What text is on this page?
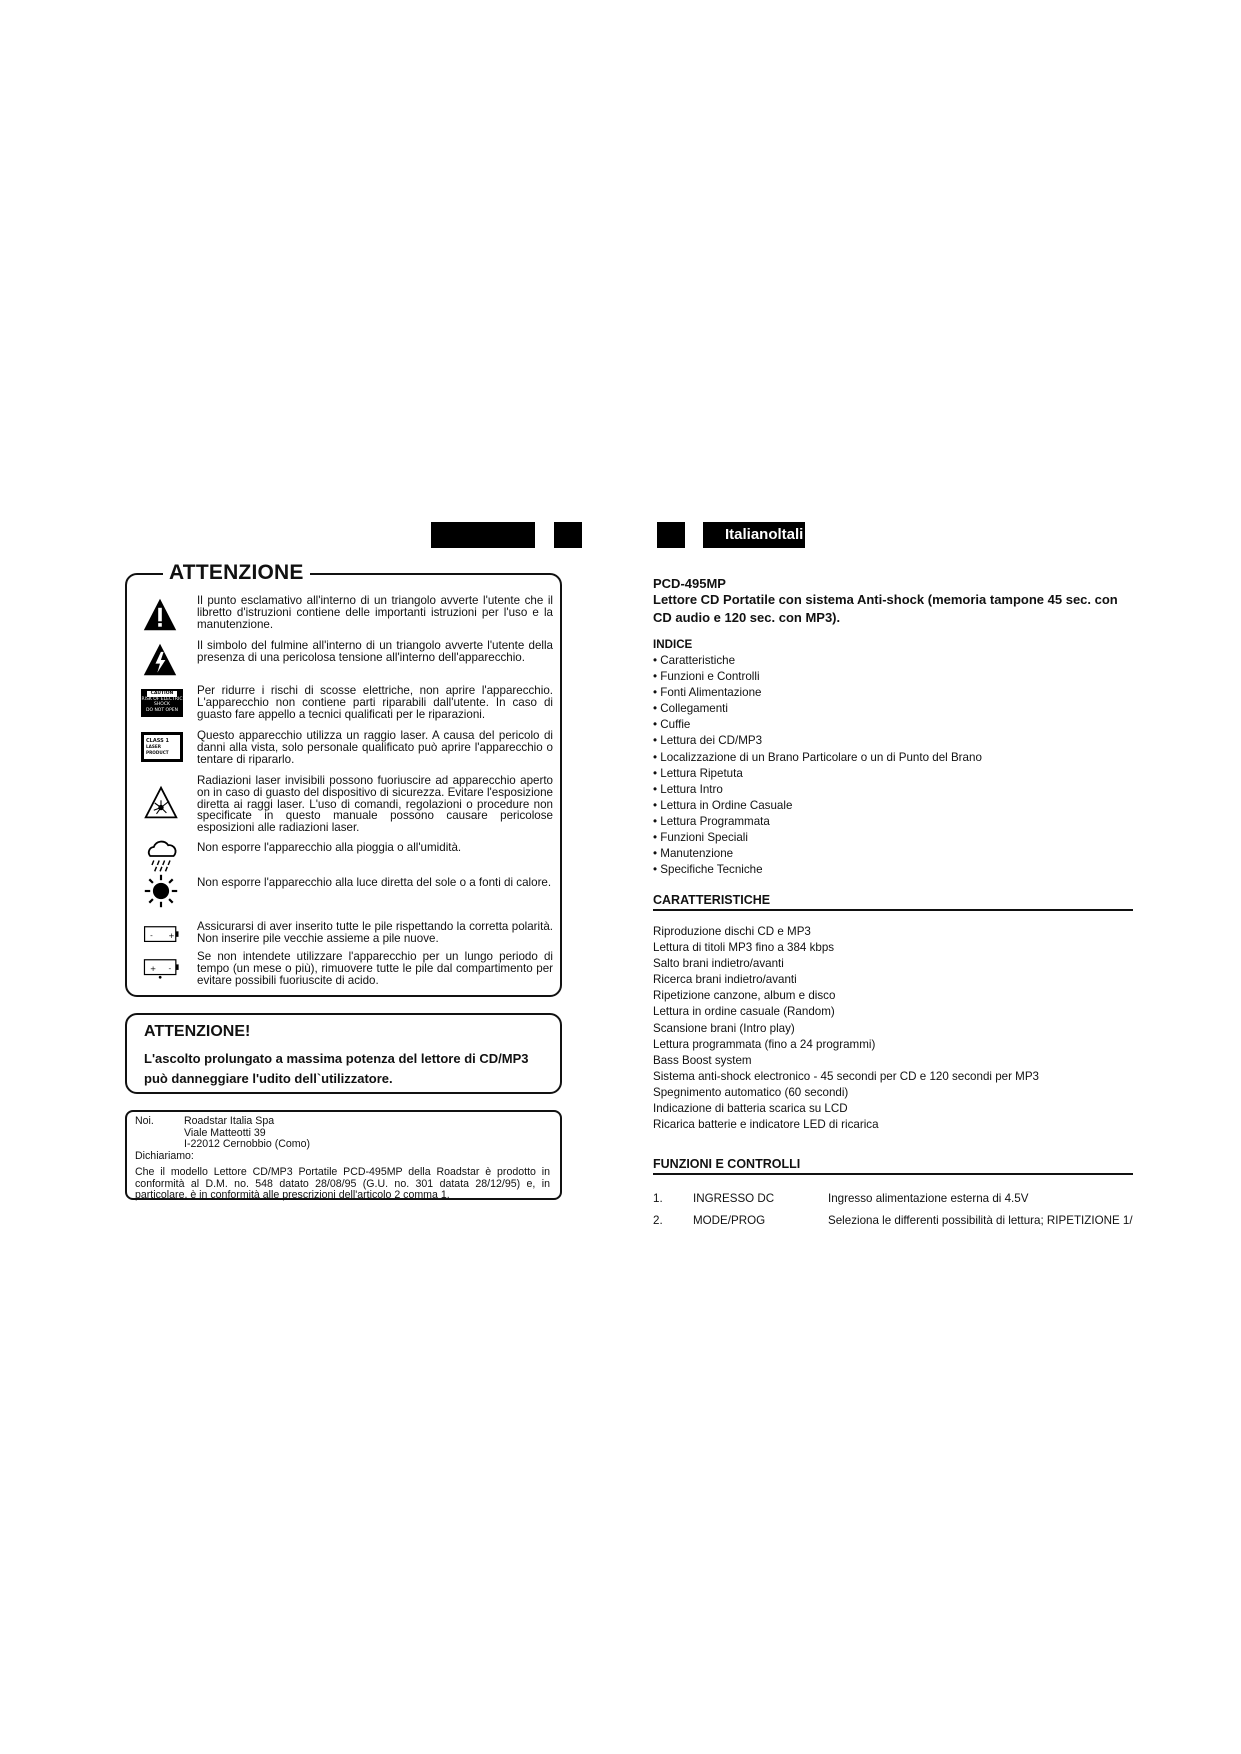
Italianoltali
ATTENZIONE
Il punto esclamativo all'interno di un triangolo avverte l'utente che il libretto d'istruzioni contiene delle importanti istruzioni per l'uso e la manutenzione.
Il simbolo del fulmine all'interno di un triangolo avverte l'utente della presenza di una pericolosa tensione all'interno dell'apparecchio.
CAUTION
RISK OF ELECTRIC
SHOCK
DO NOT OPEN
Per ridurre i rischi di scosse elettriche, non aprire l'apparecchio. L'apparecchio non contiene parti riparabili dall'utente. In caso di guasto fare appello a tecnici qualificati per le riparazioni.
CLASS 1
LASER PRODUCT
Questo apparecchio utilizza un raggio laser. A causa del pericolo di danni alla vista, solo personale qualificato può aprire l'apparecchio o tentare di ripararlo.
Radiazioni laser invisibili possono fuoriuscire ad apparecchio aperto on in caso di guasto del dispositivo di sicurezza. Evitare l'esposizione diretta ai raggi laser. L'uso di comandi, regolazioni o procedure non specificate in questo manuale possono causare pericolose esposizioni alle radiazioni laser.
Non esporre l'apparecchio alla pioggia o all'umidità.
Non esporre l'apparecchio alla luce diretta del sole o a fonti di calore.
- +
Assicurarsi di aver inserito tutte le pile rispettando la corretta polarità. Non inserire pile vecchie assieme a pile nuove.
+ -
Se non intendete utilizzare l'apparecchio per un lungo periodo di tempo (un mese o più), rimuovere tutte le pile dal compartimento per evitare possibili fuoriuscite di acido.
ATTENZIONE!
L'ascolto prolungato a massima potenza del lettore di CD/MP3 può danneggiare l'udito dell`utilizzatore.
Noi.	Roadstar Italia Spa
Viale Matteotti 39
I-22012 Cernobbio (Como)
Dichiariamo:
Che il modello Lettore CD/MP3 Portatile PCD-495MP della Roadstar è prodotto in conformità al D.M. no. 548 datato 28/08/95 (G.U. no. 301 datata 28/12/95) e, in particolare, è in conformità alle prescrizioni dell'articolo 2 comma 1.
PCD-495MP
Lettore CD Portatile con sistema Anti-shock (memoria tampone 45 sec. con CD audio e 120 sec. con MP3).
INDICE
• Caratteristiche
• Funzioni e Controlli
• Fonti Alimentazione
• Collegamenti
• Cuffie
• Lettura dei CD/MP3
• Localizzazione di un Brano Particolare o un di Punto del Brano
• Lettura Ripetuta
• Lettura Intro
• Lettura in Ordine Casuale
• Lettura Programmata
• Funzioni Speciali
• Manutenzione
• Specifiche Tecniche
CARATTERISTICHE
Riproduzione dischi CD e MP3
Lettura di titoli MP3 fino a 384 kbps
Salto brani indietro/avanti
Ricerca brani indietro/avanti
Ripetizione canzone, album e disco
Lettura in ordine casuale (Random)
Scansione brani (Intro play)
Lettura programmata (fino a 24 programmi)
Bass Boost system
Sistema anti-shock electronico - 45 secondi per CD e 120 secondi per MP3
Spegnimento automatico (60 secondi)
Indicazione di batteria scarica su LCD
Ricarica batterie e indicatore LED di ricarica
FUNZIONI E CONTROLLI
1.	INGRESSO DC	Ingresso alimentazione esterna di 4.5V
2.	MODE/PROG	Seleziona le differenti possibilità di lettura; RIPETIZIONE 1/
